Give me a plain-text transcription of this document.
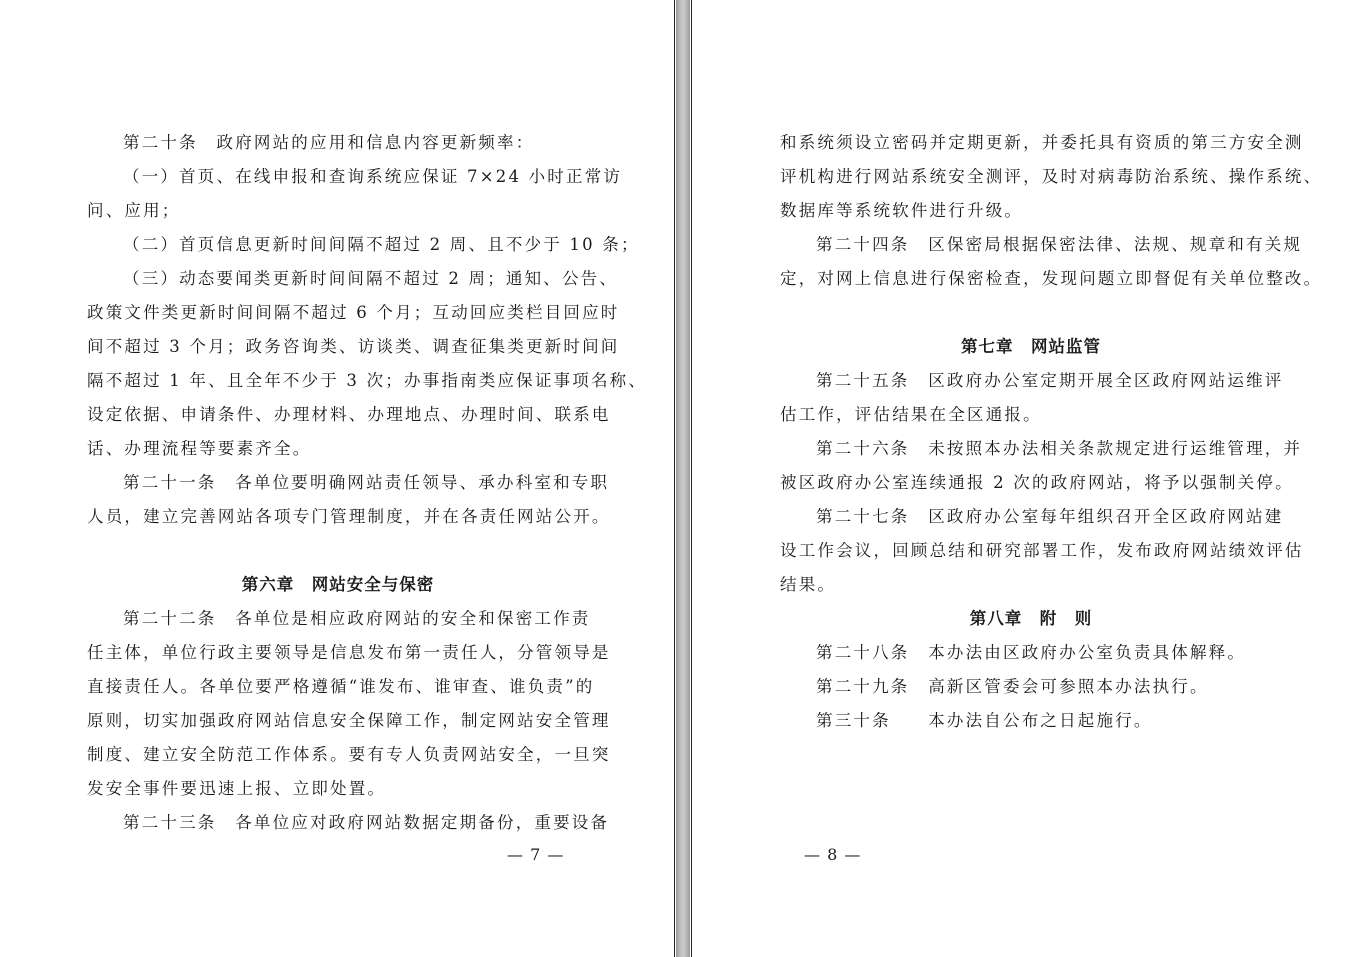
第二十条　政府网站的应用和信息内容更新频率：
（一）首页、在线申报和查询系统应保证 7×24 小时正常访
问、应用；
（二）首页信息更新时间间隔不超过 2 周、且不少于 10 条；
（三）动态要闻类更新时间间隔不超过 2 周；通知、公告、
政策文件类更新时间间隔不超过 6 个月；互动回应类栏目回应时
间不超过 3 个月；政务咨询类、访谈类、调查征集类更新时间间
隔不超过 1 年、且全年不少于 3 次；办事指南类应保证事项名称、
设定依据、申请条件、办理材料、办理地点、办理时间、联系电
话、办理流程等要素齐全。
第二十一条　各单位要明确网站责任领导、承办科室和专职
人员，建立完善网站各项专门管理制度，并在各责任网站公开。
第六章　网站安全与保密
第二十二条　各单位是相应政府网站的安全和保密工作责
任主体，单位行政主要领导是信息发布第一责任人，分管领导是
直接责任人。各单位要严格遵循“谁发布、谁审查、谁负责”的
原则，切实加强政府网站信息安全保障工作，制定网站安全管理
制度、建立安全防范工作体系。要有专人负责网站安全，一旦突
发安全事件要迅速上报、立即处置。
第二十三条　各单位应对政府网站数据定期备份，重要设备
— 7 —
和系统须设立密码并定期更新，并委托具有资质的第三方安全测
评机构进行网站系统安全测评，及时对病毒防治系统、操作系统、
数据库等系统软件进行升级。
第二十四条　区保密局根据保密法律、法规、规章和有关规
定，对网上信息进行保密检查，发现问题立即督促有关单位整改。
第七章　网站监管
第二十五条　区政府办公室定期开展全区政府网站运维评
估工作，评估结果在全区通报。
第二十六条　未按照本办法相关条款规定进行运维管理，并
被区政府办公室连续通报 2 次的政府网站，将予以强制关停。
第二十七条　区政府办公室每年组织召开全区政府网站建
设工作会议，回顾总结和研究部署工作，发布政府网站绩效评估
结果。
第八章　附　则
第二十八条　本办法由区政府办公室负责具体解释。
第二十九条　高新区管委会可参照本办法执行。
第三十条　　本办法自公布之日起施行。
— 8 —
